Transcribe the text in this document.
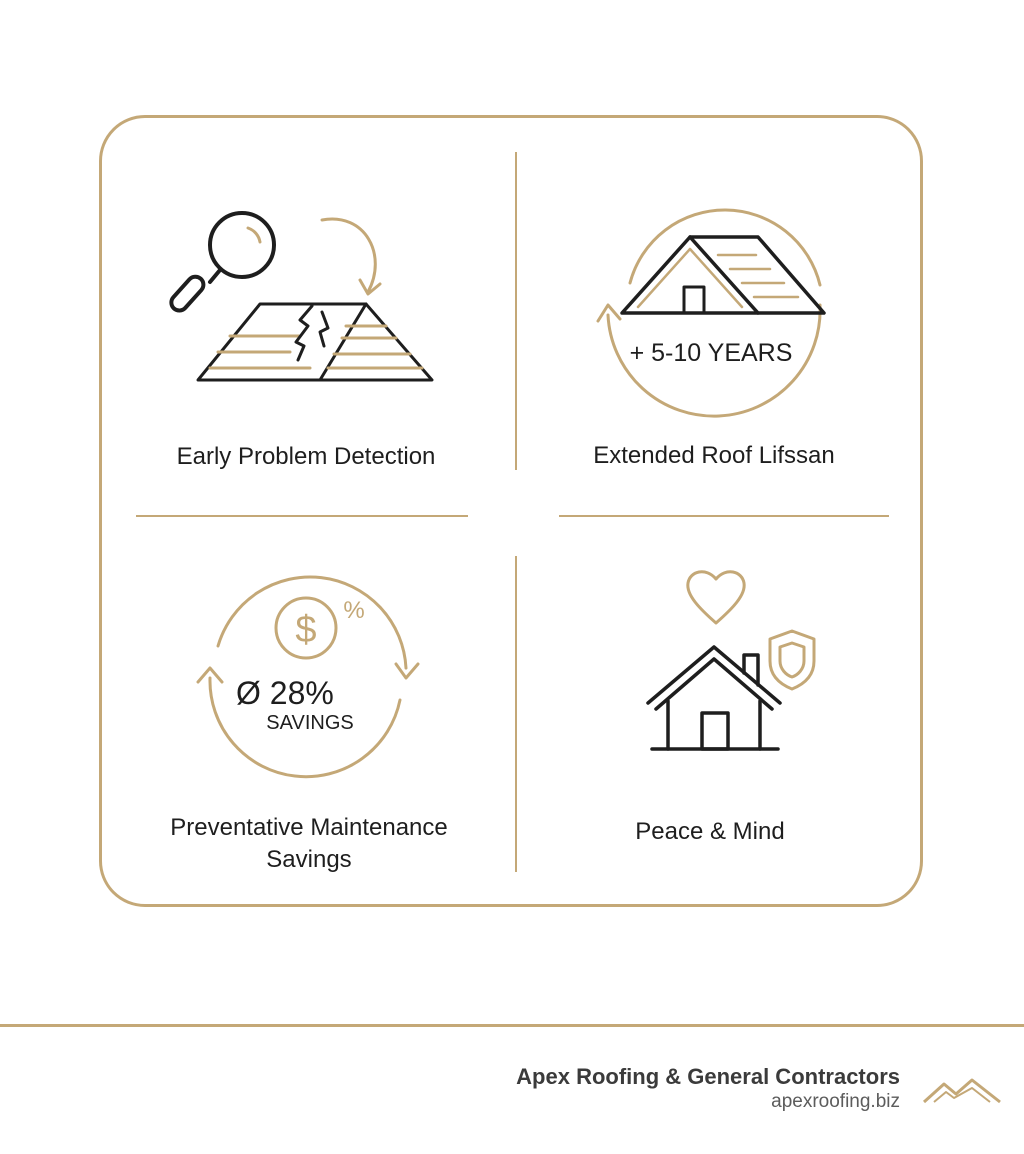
Early Problem Detection
+ 5-10 YEARS
Extended Roof Lifssan
$ %
Ø 28%
SAVINGS
Preventative Maintenance
Savings
Peace & Mind
Apex Roofing & General Contractors
apexroofing.biz
